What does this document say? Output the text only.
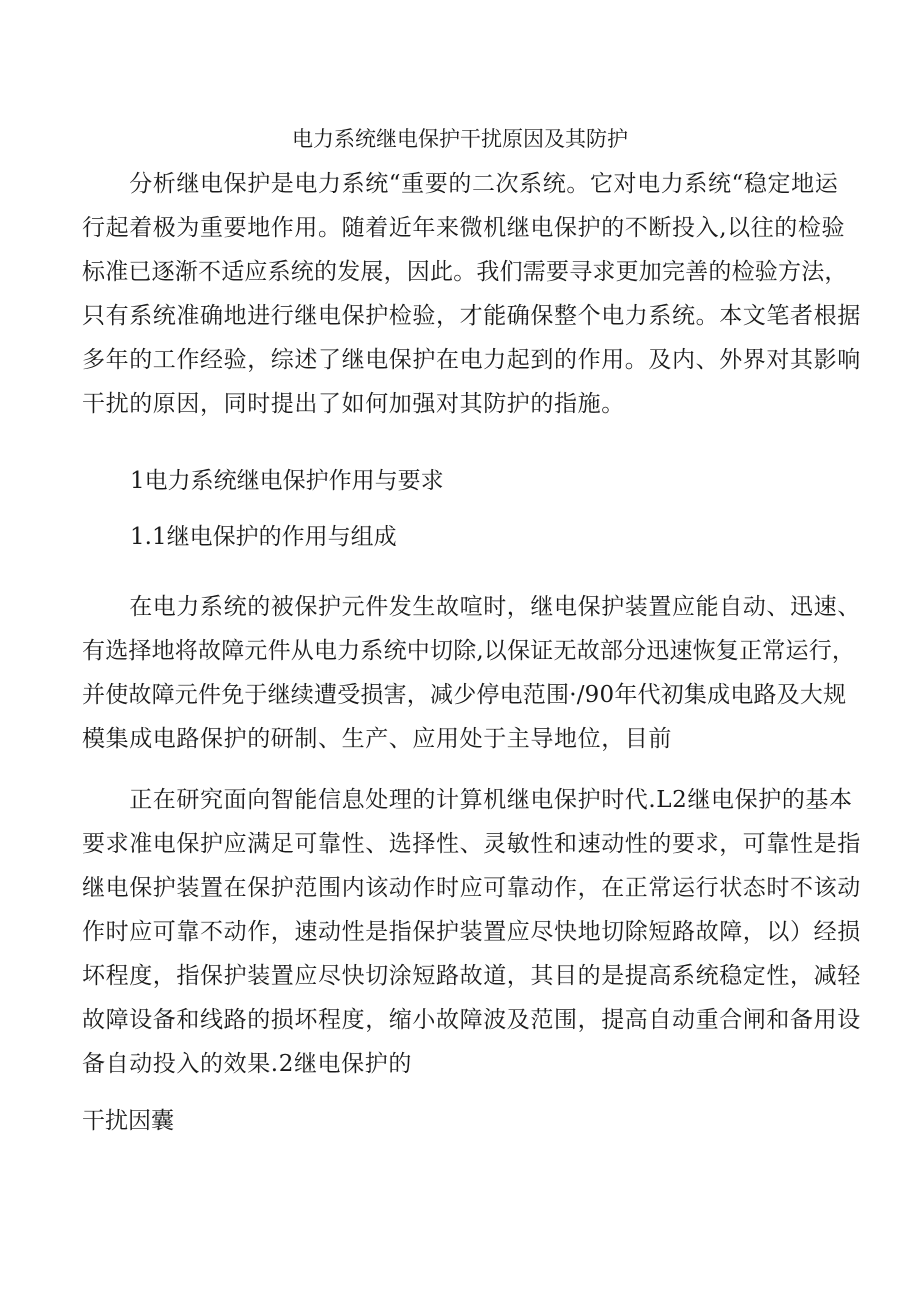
电力系统继电保护干扰原因及其防护
　　分析继电保护是电力系统“重要的二次系统。它对电力系统“稳定地运
行起着极为重要地作用。随着近年来微机继电保护的不断投入,以往的检验
标准已逐渐不适应系统的发展，因此。我们需要寻求更加完善的检验方法，
只有系统准确地进行继电保护检验，才能确保整个电力系统。本文笔者根据
多年的工作经验，综述了继电保护在电力起到的作用。及内、外界对其影响
干扰的原因，同时提出了如何加强对其防护的指施。
1电力系统继电保护作用与要求
1.1继电保护的作用与组成
　　在电力系统的被保护元件发生故喧时，继电保护装置应能自动、迅速、
有选择地将故障元件从电力系统中切除,以保证无故部分迅速恢复正常运行，
并使故障元件免于继续遭受损害，减少停电范围·/90年代初集成电路及大规
模集成电路保护的研制、生产、应用处于主导地位，目前
　　正在研究面向智能信息处理的计算机继电保护时代.L2继电保护的基本
要求准电保护应满足可靠性、选择性、灵敏性和速动性的要求，可靠性是指
继电保护装置在保护范围内该动作时应可靠动作，在正常运行状态时不该动
作时应可靠不动作，速动性是指保护装置应尽快地切除短路故障，以）经损
坏程度，指保护装置应尽快切涂短路故道，其目的是提高系统稳定性，减轻
故障设备和线路的损坏程度，缩小故障波及范围，提高自动重合闸和备用设
备自动投入的效果.2继电保护的
干扰因囊
